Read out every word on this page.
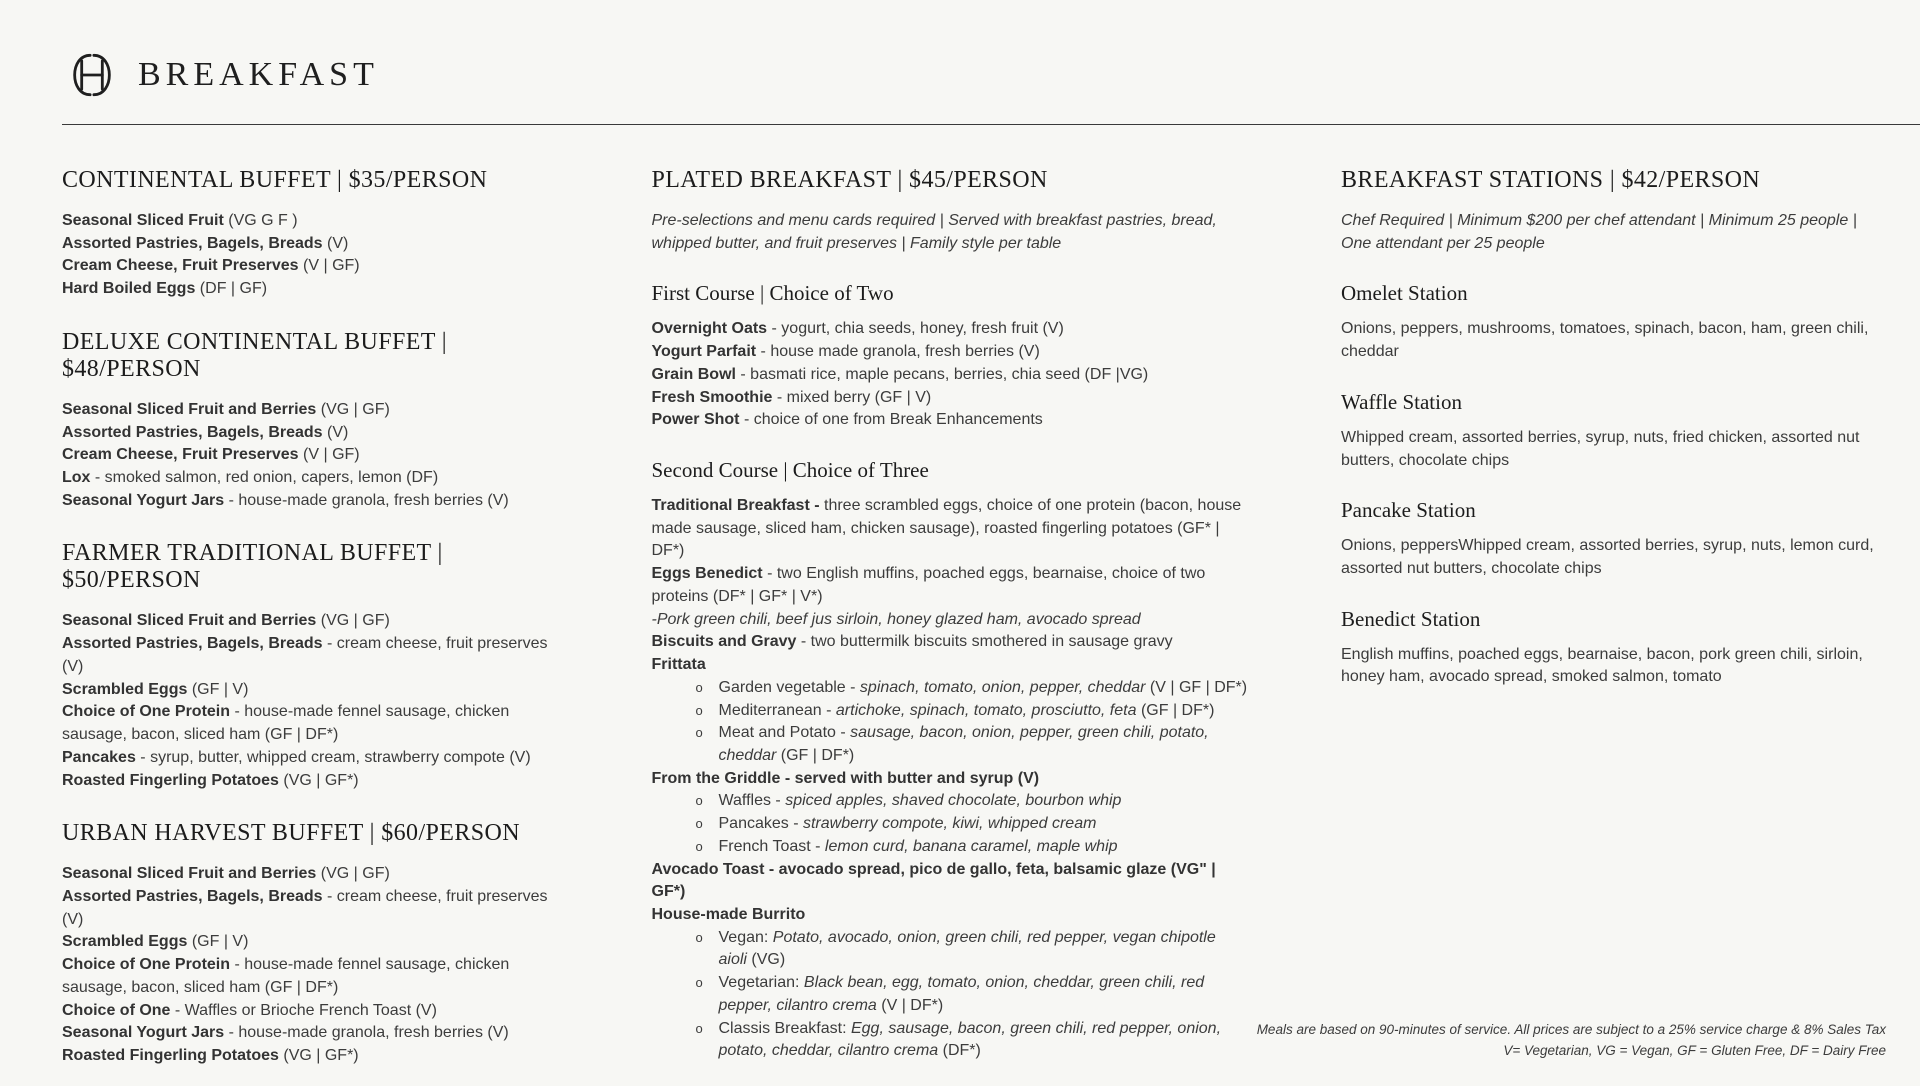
BREAKFAST
CONTINENTAL BUFFET | $35/PERSON

Seasonal Sliced Fruit (VG G F )

Assorted Pastries, Bagels, Breads (V)

Cream Cheese, Fruit Preserves (V | GF)

Hard Boiled Eggs (DF | GF)

DELUXE CONTINENTAL BUFFET | $48/PERSON

Seasonal Sliced Fruit and Berries (VG | GF)

Assorted Pastries, Bagels, Breads (V)

Cream Cheese, Fruit Preserves (V | GF)

Lox - smoked salmon, red onion, capers, lemon (DF)

Seasonal Yogurt Jars - house-made granola, fresh berries (V)

FARMER TRADITIONAL BUFFET | $50/PERSON

Seasonal Sliced Fruit and Berries (VG | GF)

Assorted Pastries, Bagels, Breads - cream cheese, fruit preserves (V)

Scrambled Eggs (GF | V)

Choice of One Protein - house-made fennel sausage, chicken sausage, bacon, sliced ham (GF | DF*)

Pancakes - syrup, butter, whipped cream, strawberry compote (V)

Roasted Fingerling Potatoes (VG | GF*)

URBAN HARVEST BUFFET | $60/PERSON

Seasonal Sliced Fruit and Berries (VG | GF)

Assorted Pastries, Bagels, Breads - cream cheese, fruit preserves (V)

Scrambled Eggs (GF | V)

Choice of One Protein - house-made fennel sausage, chicken sausage, bacon, sliced ham (GF | DF*)

Choice of One - Waffles or Brioche French Toast (V)

Seasonal Yogurt Jars - house-made granola, fresh berries (V)

Roasted Fingerling Potatoes (VG | GF*)

PLATED BREAKFAST | $45/PERSON

Pre-selections and menu cards required | Served with breakfast pastries, bread, whipped butter, and fruit preserves | Family style per table

First Course | Choice of Two

Overnight Oats - yogurt, chia seeds, honey, fresh fruit (V)

Yogurt Parfait - house made granola, fresh berries (V)

Grain Bowl - basmati rice, maple pecans, berries, chia seed (DF |VG)

Fresh Smoothie - mixed berry (GF | V)

Power Shot - choice of one from Break Enhancements

Second Course | Choice of Three

Traditional Breakfast - three scrambled eggs, choice of one protein (bacon, house made sausage, sliced ham, chicken sausage), roasted fingerling potatoes (GF* | DF*)

Eggs Benedict - two English muffins, poached eggs, bearnaise, choice of two proteins (DF* | GF* | V*)

-Pork green chili, beef jus sirloin, honey glazed ham, avocado spread

Biscuits and Gravy - two buttermilk biscuits smothered in sausage gravy

Frittata

o Garden vegetable - spinach, tomato, onion, pepper, cheddar (V | GF | DF*)

o Mediterranean - artichoke, spinach, tomato, prosciutto, feta (GF | DF*)

o Meat and Potato - sausage, bacon, onion, pepper, green chili, potato, cheddar (GF | DF*)

From the Griddle - served with butter and syrup (V)

o Waffles - spiced apples, shaved chocolate, bourbon whip

o Pancakes - strawberry compote, kiwi, whipped cream

o French Toast - lemon curd, banana caramel, maple whip

Avocado Toast - avocado spread, pico de gallo, feta, balsamic glaze (VG" | GF*)

House-made Burrito

o Vegan: Potato, avocado, onion, green chili, red pepper, vegan chipotle aioli (VG)

o Vegetarian: Black bean, egg, tomato, onion, cheddar, green chili, red pepper, cilantro crema (V | DF*)

o Classis Breakfast: Egg, sausage, bacon, green chili, red pepper, onion, potato, cheddar, cilantro crema (DF*)

BREAKFAST STATIONS | $42/PERSON

Chef Required | Minimum $200 per chef attendant | Minimum 25 people | One attendant per 25 people

Omelet Station

Onions, peppers, mushrooms, tomatoes, spinach, bacon, ham, green chili, cheddar

Waffle Station

Whipped cream, assorted berries, syrup, nuts, fried chicken, assorted nut butters, chocolate chips

Pancake Station

Onions, peppersWhipped cream, assorted berries, syrup, nuts, lemon curd, assorted nut butters, chocolate chips

Benedict Station

English muffins, poached eggs, bearnaise, bacon, pork green chili, sirloin, honey ham, avocado spread, smoked salmon, tomato

Meals are based on 90-minutes of service. All prices are subject to a 25% service charge & 8% Sales Tax
V= Vegetarian, VG = Vegan, GF = Gluten Free, DF = Dairy Free
